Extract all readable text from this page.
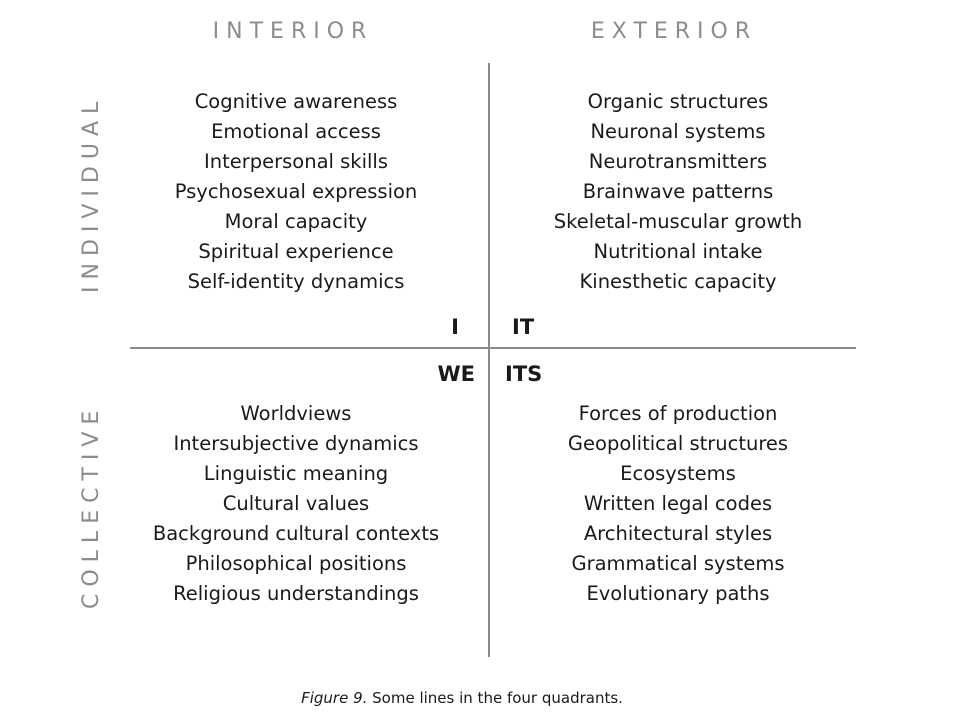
INTERIOR	EXTERIOR
INDIVIDUAL
COLLECTIVE
Cognitive awareness
Emotional access
Interpersonal skills
Psychosexual expression
Moral capacity
Spiritual experience
Self-identity dynamics
Organic structures
Neuronal systems
Neurotransmitters
Brainwave patterns
Skeletal-muscular growth
Nutritional intake
Kinesthetic capacity
I	IT
WE ITS
Worldviews
Intersubjective dynamics
Linguistic meaning
Cultural values
Background cultural contexts
Philosophical positions
Religious understandings
Forces of production
Geopolitical structures
Ecosystems
Written legal codes
Architectural styles
Grammatical systems
Evolutionary paths
Figure 9. Some lines in the four quadrants.
